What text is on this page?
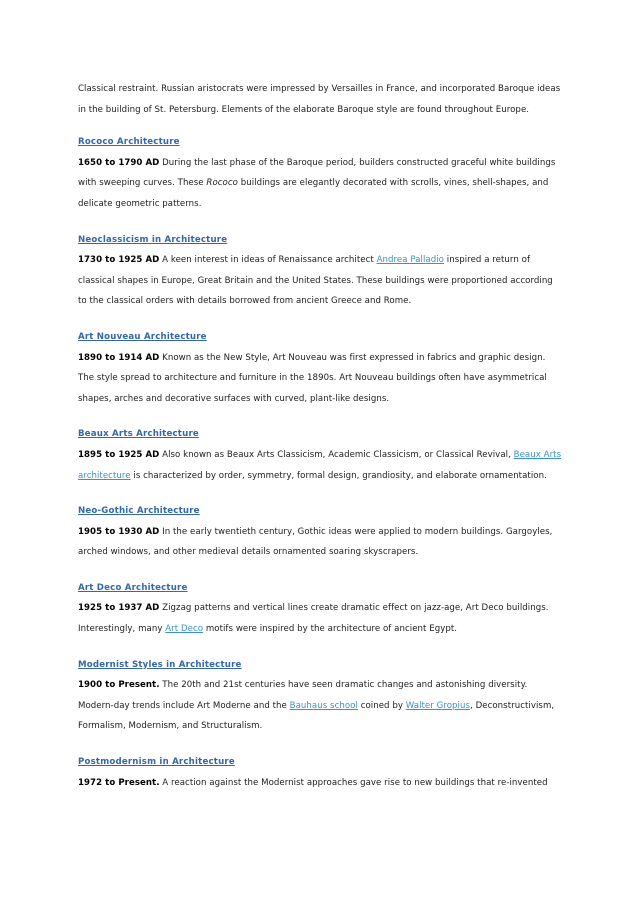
Classical restraint. Russian aristocrats were impressed by Versailles in France, and incorporated Baroque ideas in the building of St. Petersburg. Elements of the elaborate Baroque style are found throughout Europe.

Rococo Architecture

1650 to 1790 AD During the last phase of the Baroque period, builders constructed graceful white buildings with sweeping curves. These Rococo buildings are elegantly decorated with scrolls, vines, shell-shapes, and delicate geometric patterns.

Neoclassicism in Architecture

1730 to 1925 AD A keen interest in ideas of Renaissance architect Andrea Palladio inspired a return of classical shapes in Europe, Great Britain and the United States. These buildings were proportioned according to the classical orders with details borrowed from ancient Greece and Rome.

Art Nouveau Architecture

1890 to 1914 AD Known as the New Style, Art Nouveau was first expressed in fabrics and graphic design. The style spread to architecture and furniture in the 1890s. Art Nouveau buildings often have asymmetrical shapes, arches and decorative surfaces with curved, plant-like designs.

Beaux Arts Architecture

1895 to 1925 AD Also known as Beaux Arts Classicism, Academic Classicism, or Classical Revival, Beaux Arts architecture is characterized by order, symmetry, formal design, grandiosity, and elaborate ornamentation.

Neo-Gothic Architecture

1905 to 1930 AD In the early twentieth century, Gothic ideas were applied to modern buildings. Gargoyles, arched windows, and other medieval details ornamented soaring skyscrapers.

Art Deco Architecture

1925 to 1937 AD Zigzag patterns and vertical lines create dramatic effect on jazz-age, Art Deco buildings. Interestingly, many Art Deco motifs were inspired by the architecture of ancient Egypt.

Modernist Styles in Architecture

1900 to Present. The 20th and 21st centuries have seen dramatic changes and astonishing diversity. Modern-day trends include Art Moderne and the Bauhaus school coined by Walter Gropius, Deconstructivism, Formalism, Modernism, and Structuralism.

Postmodernism in Architecture

1972 to Present. A reaction against the Modernist approaches gave rise to new buildings that re-invented
